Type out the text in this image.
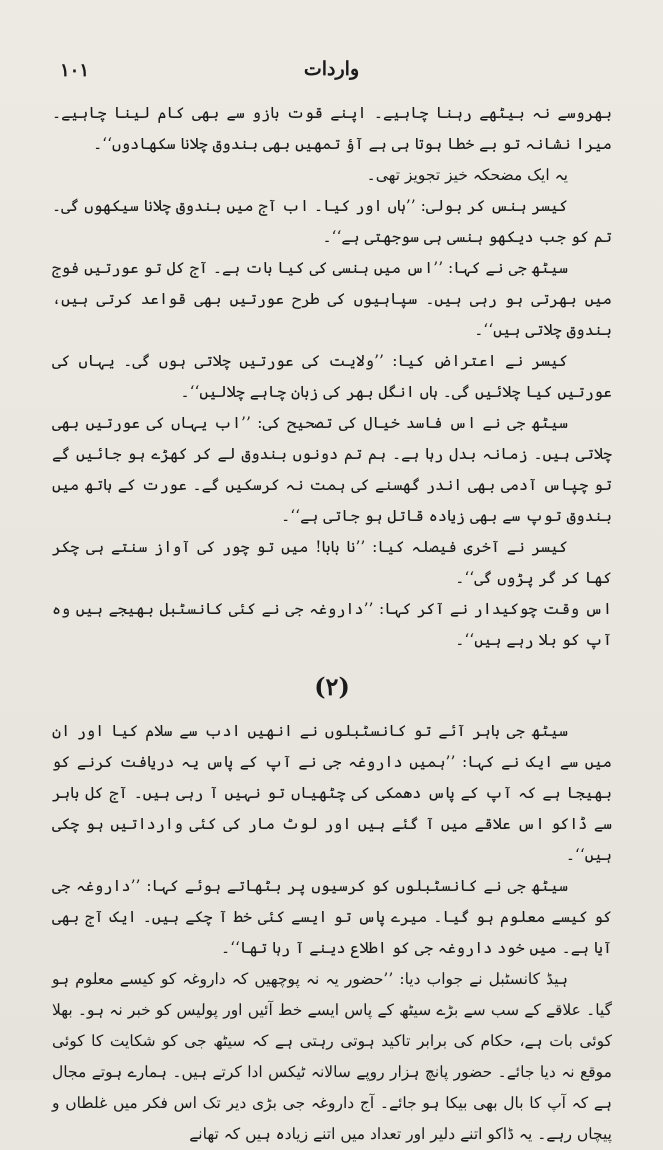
۱۰۱	واردات

بھروسے نہ بیٹھے رہنا چاہیے۔ اپنے قوت بازو سے بھی کام لینا چاہیے۔ میرا نشانہ تو بے خطا ہوتا ہی ہے آؤ تمھیں بھی بندوق چلانا سکھادوں‘‘۔

یہ ایک مضحکہ خیز تجویز تھی۔

کیسر ہنس کر بولی: ’’ہاں اور کیا۔ اب آج میں بندوق چلانا سیکھوں گی۔ تم کو جب دیکھو ہنسی ہی سوجھتی ہے‘‘۔

سیٹھ جی نے کہا: ’’اس میں ہنسی کی کیا بات ہے۔ آج کل تو عورتیں فوج میں بھرتی ہو رہی ہیں۔ سپاہیوں کی طرح عورتیں بھی قواعد کرتی ہیں، بندوق چلاتی ہیں‘‘۔

کیسر نے اعتراض کیا: ’’ولایت کی عورتیں چلاتی ہوں گی۔ یہاں کی عورتیں کیا چلائیں گی۔ ہاں انگل بھر کی زبان چاہے چلالیں‘‘۔

سیٹھ جی نے اس فاسد خیال کی تصحیح کی: ’’اب یہاں کی عورتیں بھی چلاتی ہیں۔ زمانہ بدل رہا ہے۔ ہم تم دونوں بندوق لے کر کھڑے ہو جائیں گے تو چپاس آدمی بھی اندر گھسنے کی ہمت نہ کرسکیں گے۔ عورت کے ہاتھ میں بندوق توپ سے بھی زیادہ قاتل ہو جاتی ہے‘‘۔

کیسر نے آخری فیصلہ کیا: ’’نا بابا! میں تو چور کی آواز سنتے ہی چکر کھا کر گر پڑوں گی‘‘۔

اس وقت چوکیدار نے آکر کہا: ’’داروغہ جی نے کئی کانسٹبل بھیجے ہیں وہ آپ کو بلا رہے ہیں‘‘۔

(۲)

سیٹھ جی باہر آئے تو کانسٹبلوں نے انھیں ادب سے سلام کیا اور ان میں سے ایک نے کہا: ’’ہمیں داروغہ جی نے آپ کے پاس یہ دریافت کرنے کو بھیجا ہے کہ آپ کے پاس دھمکی کی چٹھیاں تو نہیں آ رہی ہیں۔ آج کل باہر سے ڈاکو اس علاقے میں آ گئے ہیں اور لوٹ مار کی کئی وارداتیں ہو چکی ہیں‘‘۔

سیٹھ جی نے کانسٹبلوں کو کرسیوں پر بٹھاتے ہوئے کہا: ’’داروغہ جی کو کیسے معلوم ہو گیا۔ میرے پاس تو ایسے کئی خط آ چکے ہیں۔ ایک آج بھی آیا ہے۔ میں خود داروغہ جی کو اطلاع دینے آ رہا تھا‘‘۔

ہیڈ کانسٹبل نے جواب دیا: ’’حضور یہ نہ پوچھیں کہ داروغہ کو کیسے معلوم ہو گیا۔ علاقے کے سب سے بڑے سیٹھ کے پاس ایسے خط آئیں اور پولیس کو خبر نہ ہو۔ بھلا کوئی بات ہے، حکام کی برابر تاکید ہوتی رہتی ہے کہ سیٹھ جی کو شکایت کا کوئی موقع نہ دیا جائے۔ حضور پانچ ہزار روپے سالانہ ٹیکس ادا کرتے ہیں۔ ہمارے ہوتے مجال ہے کہ آپ کا بال بھی بیکا ہو جائے۔ آج داروغہ جی بڑی دیر تک اس فکر میں غلطاں و پیچاں رہے۔ یہ ڈاکو اتنے دلیر اور تعداد میں اتنے زیادہ ہیں کہ تھانے
